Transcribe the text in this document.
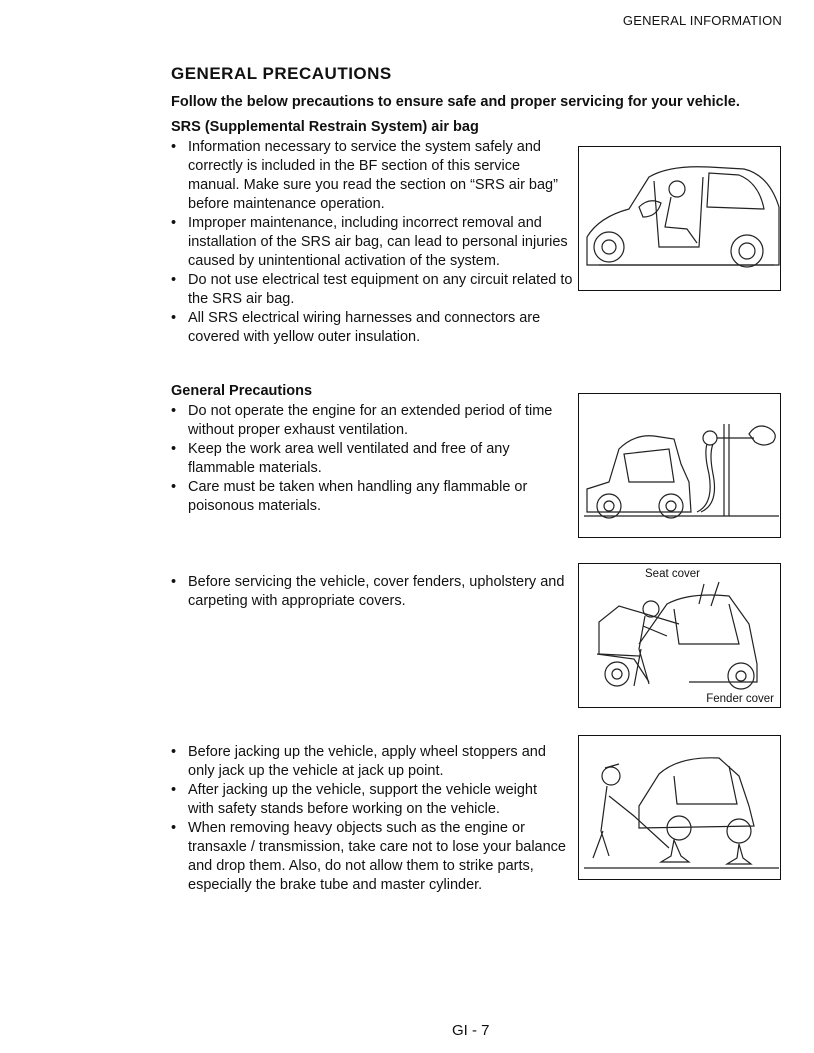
GENERAL INFORMATION
GENERAL PRECAUTIONS
Follow the below precautions to ensure safe and proper servicing for your vehicle.
SRS (Supplemental Restrain System) air bag
• Information necessary to service the system safely and correctly is included in the BF section of this service manual. Make sure you read the section on “SRS air bag” before maintenance operation.
• Improper maintenance, including incorrect removal and installation of the SRS air bag, can lead to personal injuries caused by unintentional activation of the system.
• Do not use electrical test equipment on any circuit related to the SRS air bag.
• All SRS electrical wiring harnesses and connectors are covered with yellow outer insulation.
General Precautions
• Do not operate the engine for an extended period of time without proper exhaust ventilation.
• Keep the work area well ventilated and free of any flammable materials.
• Care must be taken when handling any flammable or poisonous materials.
• Before servicing the vehicle, cover fenders, upholstery and carpeting with appropriate covers.
Seat cover
Fender cover
• Before jacking up the vehicle, apply wheel stoppers and only jack up the vehicle at jack up point.
• After jacking up the vehicle, support the vehicle weight with safety stands before working on the vehicle.
• When removing heavy objects such as the engine or transaxle / transmission, take care not to lose your balance and drop them. Also, do not allow them to strike parts, especially the brake tube and master cylinder.
GI - 7
